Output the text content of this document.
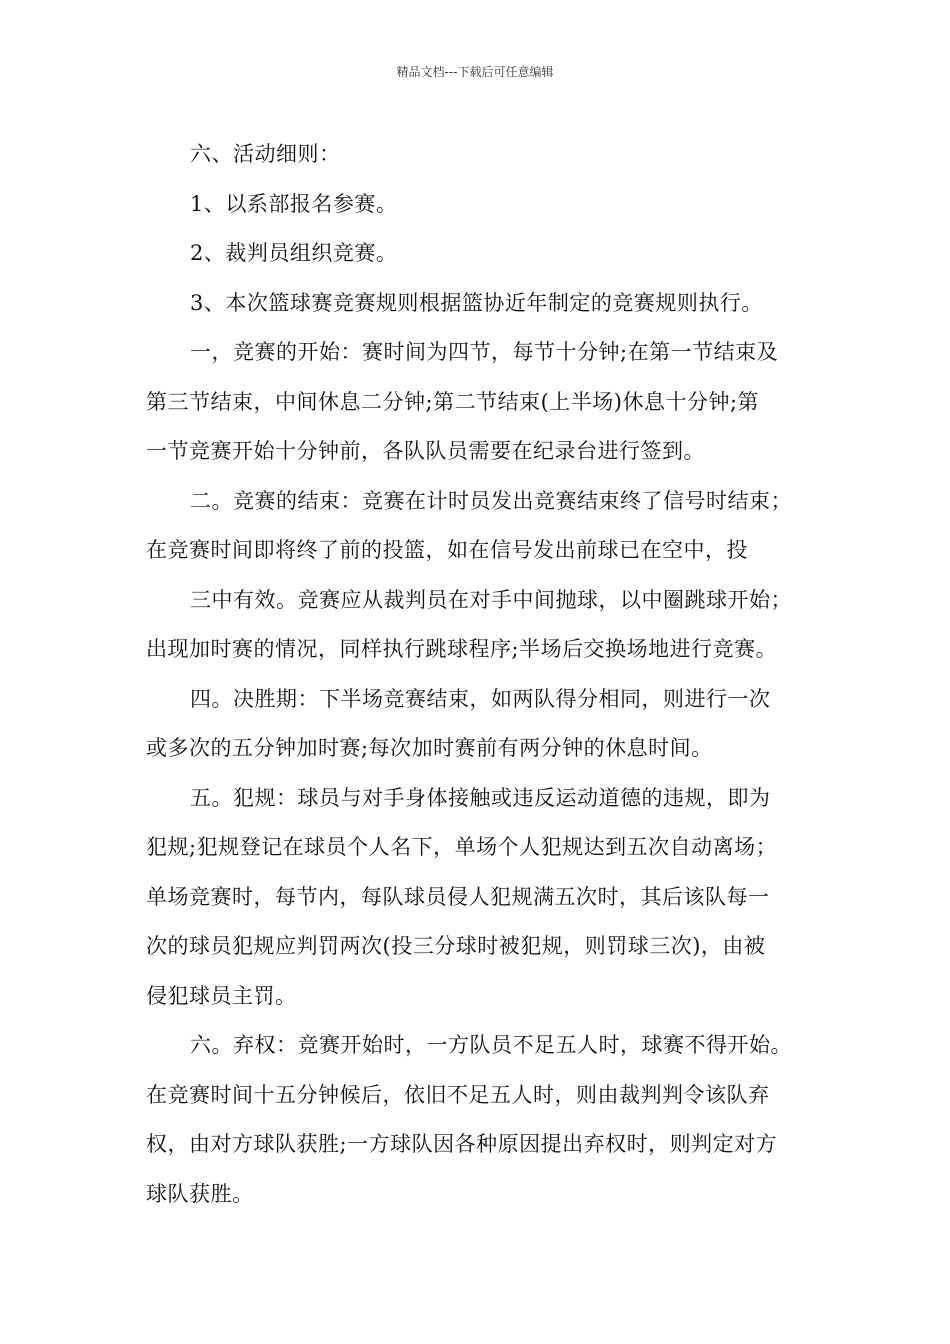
精品文档---下载后可任意编辑

六、活动细则：
1、以系部报名参赛。
2、裁判员组织竞赛。
3、本次篮球赛竞赛规则根据篮协近年制定的竞赛规则执行。
一，竞赛的开始：赛时间为四节，每节十分钟;在第一节结束及
第三节结束，中间休息二分钟;第二节结束(上半场)休息十分钟;第
一节竞赛开始十分钟前，各队队员需要在纪录台进行签到。
二。竞赛的结束：竞赛在计时员发出竞赛结束终了信号时结束；
在竞赛时间即将终了前的投篮，如在信号发出前球已在空中，投
三中有效。竞赛应从裁判员在对手中间抛球，以中圈跳球开始；
出现加时赛的情况，同样执行跳球程序;半场后交换场地进行竞赛。
四。决胜期：下半场竞赛结束，如两队得分相同，则进行一次
或多次的五分钟加时赛;每次加时赛前有两分钟的休息时间。
五。犯规：球员与对手身体接触或违反运动道德的违规，即为
犯规;犯规登记在球员个人名下，单场个人犯规达到五次自动离场；
单场竞赛时，每节内，每队球员侵人犯规满五次时，其后该队每一
次的球员犯规应判罚两次(投三分球时被犯规，则罚球三次)，由被
侵犯球员主罚。
六。弃权：竞赛开始时，一方队员不足五人时，球赛不得开始。
在竞赛时间十五分钟候后，依旧不足五人时，则由裁判判令该队弃
权，由对方球队获胜;一方球队因各种原因提出弃权时，则判定对方
球队获胜。
